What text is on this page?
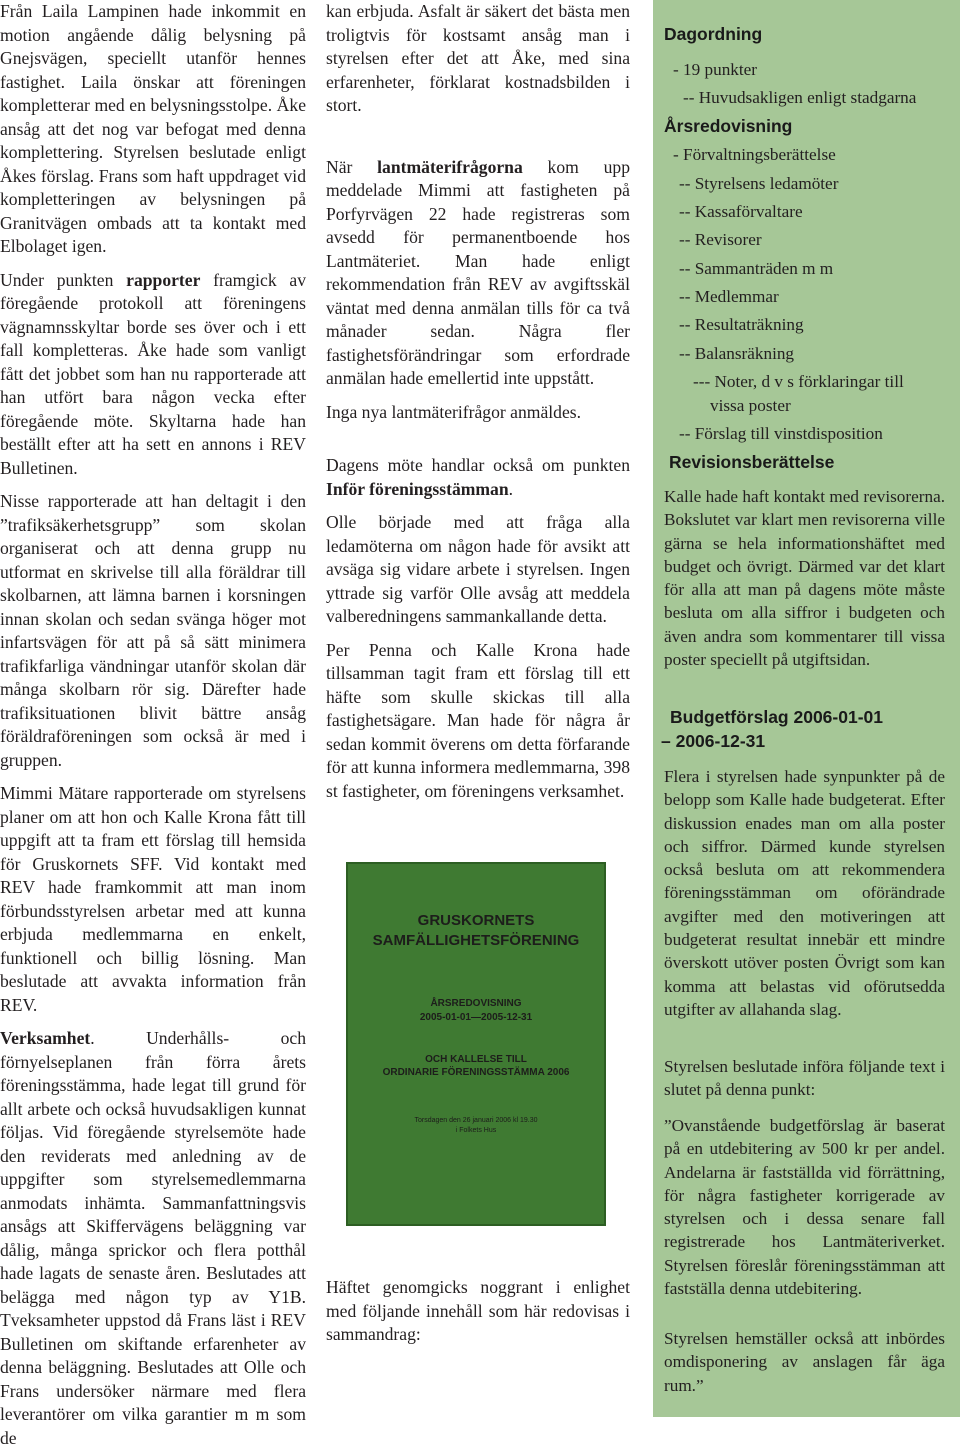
Från Laila Lampinen hade inkommit en motion angående dålig belysning på Gnejsvägen, speciellt utanför hennes fastighet. Laila önskar att föreningen kompletterar med en belysningsstolpe. Åke ansåg att det nog var befogat med denna komplettering. Styrelsen beslutade enligt Åkes förslag. Frans som haft uppdraget vid kompletteringen av belysningen på Granitvägen ombads att ta kontakt med Elbolaget igen.

Under punkten rapporter framgick av föregående protokoll att föreningens vägnamnsskyltar borde ses över och i ett fall kompletteras. Åke hade som vanligt fått det jobbet som han nu rapporterade att han utfört bara någon vecka efter föregående möte. Skyltarna hade han beställt efter att ha sett en annons i REV Bulletinen.

Nisse rapporterade att han deltagit i den ”trafiksäkerhetsgrupp” som skolan organiserat och att denna grupp nu utformat en skrivelse till alla föräldrar till skolbarnen, att lämna barnen i korsningen innan skolan och sedan svänga höger mot infartsvägen för att på så sätt minimera trafikfarliga vändningar utanför skolan där många skolbarn rör sig. Därefter hade trafiksituationen blivit bättre ansåg föräldraföreningen som också är med i gruppen.

Mimmi Mätare rapporterade om styrelsens planer om att hon och Kalle Krona fått till uppgift att ta fram ett förslag till hemsida för Gruskornets SFF. Vid kontakt med REV hade framkommit att man inom förbundsstyrelsen arbetar med att kunna erbjuda medlemmarna en enkelt, funktionell och billig lösning. Man beslutade att avvakta information från REV.

Verksamhet. Underhålls- och förnyelseplanen från förra årets föreningsstämma, hade legat till grund för allt arbete och också huvudsakligen kunnat följas. Vid föregående styrelsemöte hade den reviderats med anledning av de uppgifter som styrelsemedlemmarna anmodats inhämta. Sammanfattningsvis ansågs att Skiffervägens beläggning var dålig, många sprickor och flera potthål hade lagats de senaste åren. Beslutades att belägga med någon typ av Y1B. Tveksamheter uppstod då Frans läst i REV Bulletinen om skiftande erfarenheter av denna beläggning. Beslutades att Olle och Frans undersöker närmare med flera leverantörer om vilka garantier m m som de

kan erbjuda. Asfalt är säkert det bästa men troligtvis för kostsamt ansåg man i styrelsen efter det att Åke, med sina erfarenheter, förklarat kostnadsbilden i stort.

När lantmäterifrågorna kom upp meddelade Mimmi att fastigheten på Porfyrvägen 22 hade registreras som avsedd för permanentboende hos Lantmäteriet. Man hade enligt rekommendation från REV av avgiftsskäl väntat med denna anmälan tills för ca två månader sedan. Några fler fastighetsförändringar som erfordrade anmälan hade emellertid inte uppstått.

Inga nya lantmäterifrågor anmäldes.

Dagens möte handlar också om punkten Inför föreningsstämman.

Olle började med att fråga alla ledamöterna om någon hade för avsikt att avsäga sig vidare arbete i styrelsen. Ingen yttrade sig varför Olle avsåg att meddela valberedningens sammankallande detta.

Per Penna och Kalle Krona hade tillsamman tagit fram ett förslag till ett häfte som skulle skickas till alla fastighetsägare. Man hade för några år sedan kommit överens om detta förfarande för att kunna informera medlemmarna, 398 st fastigheter, om föreningens verksamhet.

Häftet genomgicks noggrant i enlighet med följande innehåll som här redovisas i sammandrag:

GRUSKORNETS
SAMFÄLLIGHETSFÖRENING
ÅRSREDOVISNING
2005-01-01—2005-12-31
OCH KALLELSE TILL
ORDINARIE FÖRENINGSSTÄMMA 2006
Torsdagen den 26 januari 2006 kl 19.30
i Folkets Hus
Dagordning
- 19 punkter
-- Huvudsakligen enligt stadgarna
Årsredovisning
- Förvaltningsberättelse
-- Styrelsens ledamöter
-- Kassaförvaltare
-- Revisorer
-- Sammanträden m m
-- Medlemmar
-- Resultaträkning
-- Balansräkning
--- Noter, d v s förklaringar till
vissa poster
-- Förslag till vinstdisposition
Revisionsberättelse

Kalle hade haft kontakt med revisorerna. Bokslutet var klart men revisorerna ville gärna se hela informationshäftet med budget och övrigt. Därmed var det klart för alla att man på dagens möte måste besluta om alla siffror i budgeten och även andra som kommentarer till vissa poster speciellt på utgiftsidan.

Budgetförslag 2006-01-01
– 2006-12-31

Flera i styrelsen hade synpunkter på de belopp som Kalle hade budgeterat. Efter diskussion enades man om alla poster och siffror. Därmed kunde styrelsen också besluta om att rekommendera föreningsstämman om oförändrade avgifter med den motiveringen att budgeterat resultat innebär ett mindre överskott utöver posten Övrigt som kan komma att belastas vid oförutsedda utgifter av allahanda slag.

Styrelsen beslutade införa följande text i slutet på denna punkt:

”Ovanstående budgetförslag är baserat på en utdebitering av 500 kr per andel. Andelarna är fastställda vid förrättning, för några fastigheter korrigerade av styrelsen och i dessa senare fall registrerade hos Lantmäteriverket. Styrelsen föreslår föreningsstämman att fastställa denna utdebitering.

Styrelsen hemställer också att inbördes omdisponering av anslagen får äga rum.”
